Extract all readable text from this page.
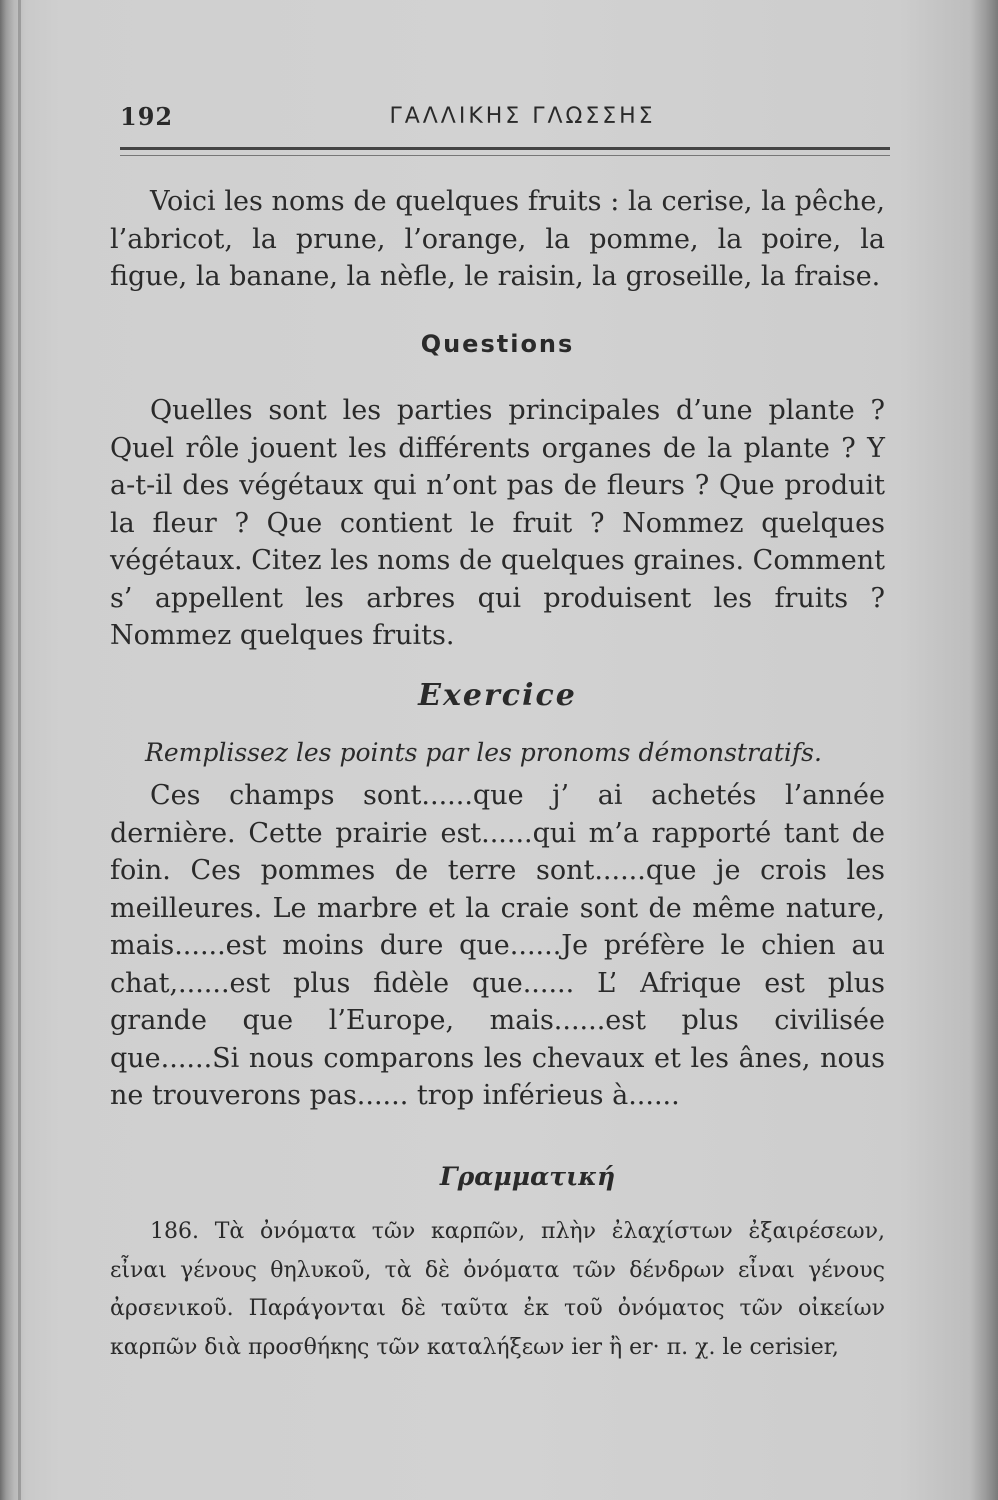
192	ΓΑΛΛΙΚΗΣ ΓΛΩΣΣΗΣ

Voici les noms de quelques fruits : la cerise, la pêche, l’abricot, la prune, l’orange, la pomme, la poire, la figue, la banane, la nèfle, le raisin, la groseille, la fraise.

Questions

Quelles sont les parties principales d’une plante ? Quel rôle jouent les différents organes de la plante ? Y a-t-il des végétaux qui n’ont pas de fleurs ? Que produit la fleur ? Que contient le fruit ? Nommez quelques végétaux. Citez les noms de quelques graines. Comment s’ appellent les arbres qui produisent les fruits ? Nommez quelques fruits.

Exercice

Remplissez les points par les pronoms démonstratifs.

Ces champs sont......que j’ ai achetés l’année dernière. Cette prairie est......qui m’a rapporté tant de foin. Ces pommes de terre sont......que je crois les meilleures. Le marbre et la craie sont de même nature, mais......est moins dure que......Je préfère le chien au chat,......est plus fidèle que...... L’ Afrique est plus grande que l’Europe, mais......est plus civilisée que......Si nous comparons les chevaux et les ânes, nous ne trouverons pas...... trop inférieus à......

Γραμματική

186. Τὰ ὀνόματα τῶν καρπῶν, πλὴν ἐλαχίστων ἐξαιρέσεων, εἶναι γένους θηλυκοῦ, τὰ δὲ ὀνόματα τῶν δένδρων εἶναι γένους ἀρσενικοῦ. Παράγονται δὲ ταῦτα ἐκ τοῦ ὀνόματος τῶν οἰκείων καρπῶν διὰ προσθήκης τῶν καταλήξεων ier ἢ er· π. χ. le cerisier,
